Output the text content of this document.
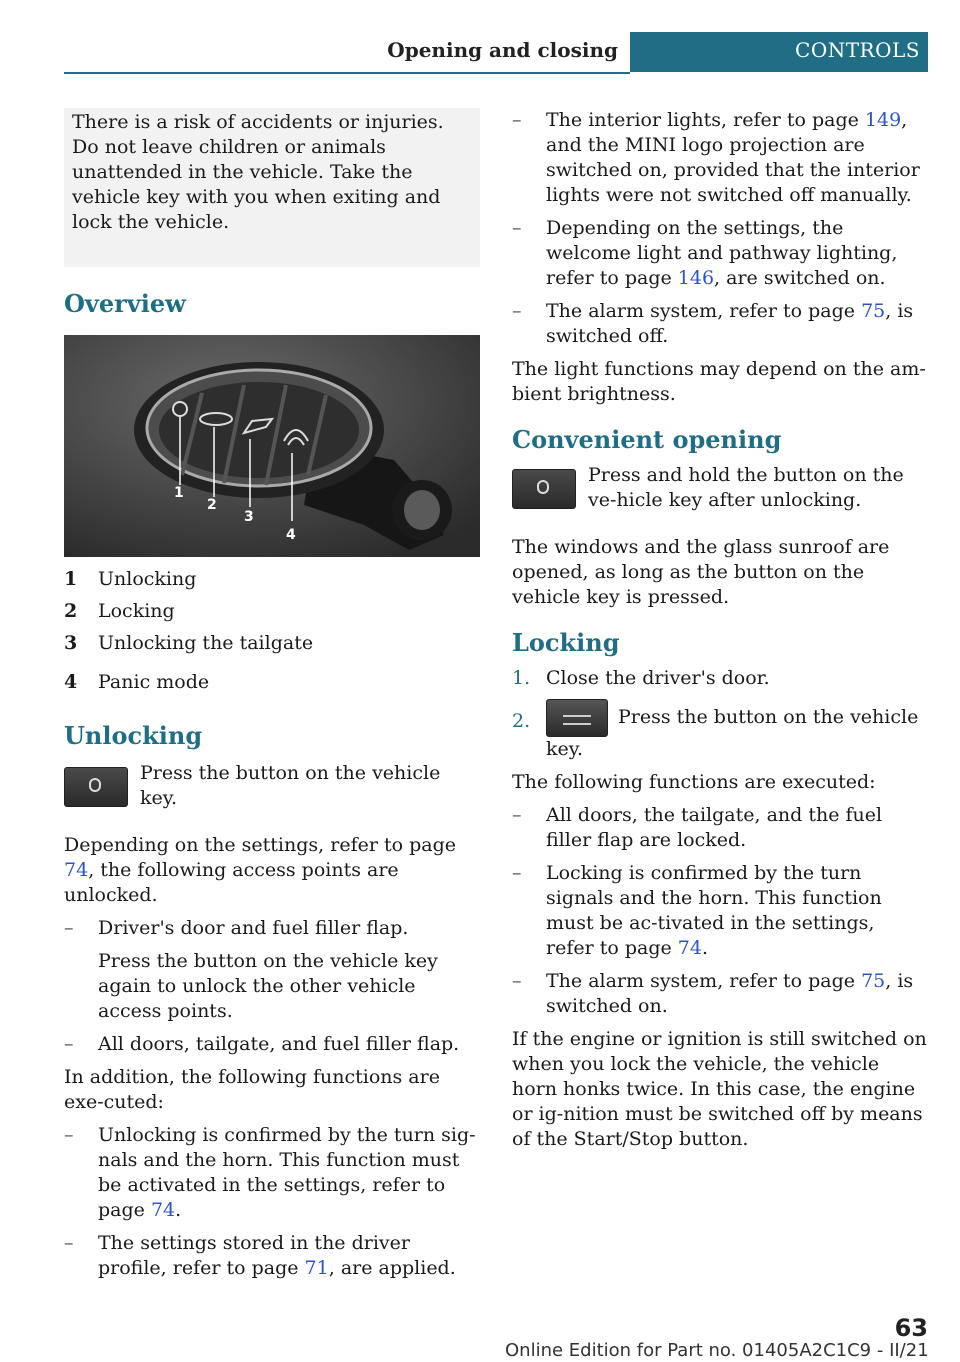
Opening and closing	CONTROLS

There is a risk of accidents or injuries. Do not leave children or animals unattended in the vehicle. Take the vehicle key with you when exiting and lock the vehicle.

Overview
1
2
3
4
1	Unlocking
2	Locking
3	Unlocking the tailgate
4	Panic mode
Unlocking
Press the button on the vehicle key.

Depending on the settings, refer to page 74, the following access points are unlocked.

–	Driver's door and fuel filler flap.
Press the button on the vehicle key again to unlock the other vehicle access points.
–	All doors, tailgate, and fuel filler flap.

In addition, the following functions are exe‐cuted:

–	Unlocking is confirmed by the turn sig‐nals and the horn. This function must be activated in the settings, refer to page 74.
–	The settings stored in the driver profile, refer to page 71, are applied.
–	The interior lights, refer to page 149, and the MINI logo projection are switched on, provided that the interior lights were not switched off manually.
–	Depending on the settings, the welcome light and pathway lighting, refer to page 146, are switched on.
–	The alarm system, refer to page 75, is switched off.

The light functions may depend on the am‐bient brightness.

Convenient opening
Press and hold the button on the ve‐hicle key after unlocking.

The windows and the glass sunroof are opened, as long as the button on the vehicle key is pressed.

Locking
1. Close the driver's door.
2.	Press the button on the vehicle key.

The following functions are executed:

–	All doors, the tailgate, and the fuel filler flap are locked.
–	Locking is confirmed by the turn signals and the horn. This function must be ac‐tivated in the settings, refer to page 74.
–	The alarm system, refer to page 75, is switched on.

If the engine or ignition is still switched on when you lock the vehicle, the vehicle horn honks twice. In this case, the engine or ig‐nition must be switched off by means of the Start/Stop button.

63
Online Edition for Part no. 01405A2C1C9 - II/21
